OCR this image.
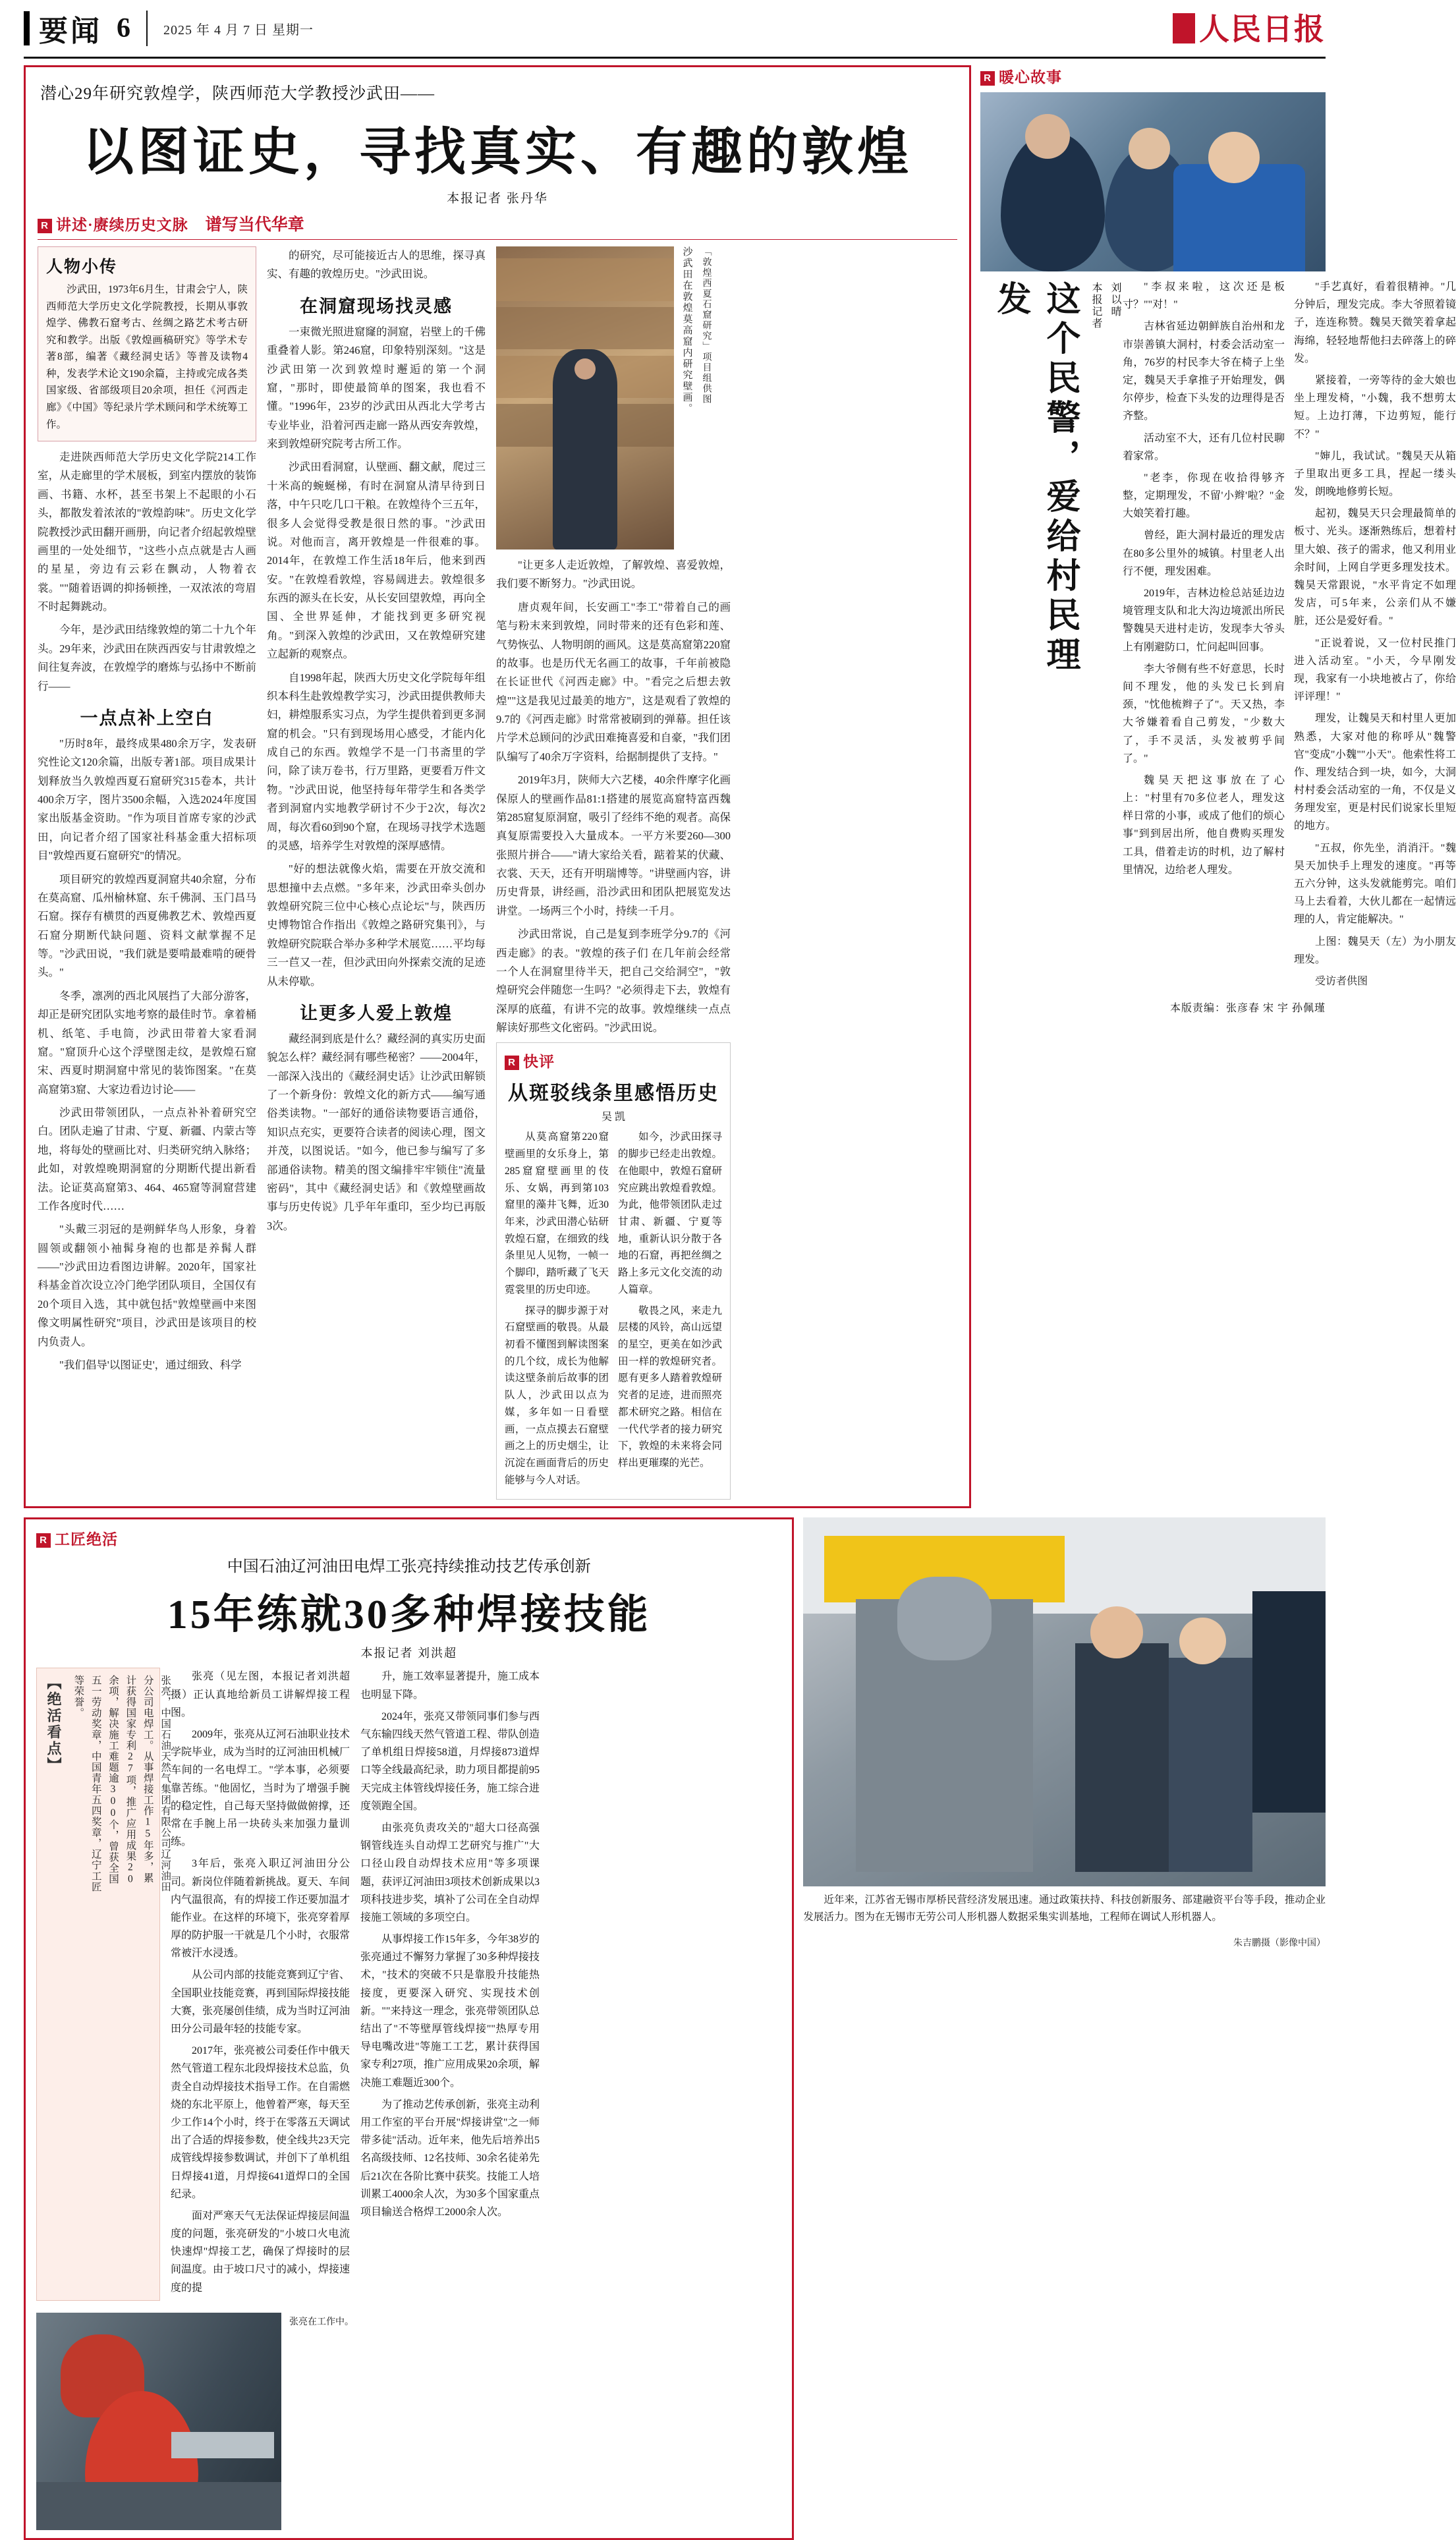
要闻 6	2025 年 4 月 7 日 星期一	人民日报
潜心29年研究敦煌学，陕西师范大学教授沙武田——
以图证史，寻找真实、有趣的敦煌
本报记者 张丹华
R 讲述·赓续历史文脉 谱写当代华章
人物小传

沙武田，1973年6月生，甘肃会宁人，陕西师范大学历史文化学院教授，长期从事敦煌学、佛教石窟考古、丝绸之路艺术考古研究和教学。出版《敦煌画稿研究》等学术专著8部，编著《藏经洞史话》等普及读物4种，发表学术论文190余篇，主持或完成各类国家级、省部级项目20余项，担任《河西走廊》《中国》等纪录片学术顾问和学术统筹工作。

走进陕西师范大学历史文化学院214工作室，从走廊里的学术展板，到室内摆放的装饰画、书籍、水杯，甚至书架上不起眼的小石头，都散发着浓浓的"敦煌韵味"。历史文化学院教授沙武田翻开画册，向记者介绍起敦煌壁画里的一处处细节，"这些小点点就是古人画的星星，旁边有云彩在飘动，人物着衣裳。""随着语调的抑扬顿挫，一双浓浓的弯眉不时起舞跳动。

今年，是沙武田结缘敦煌的第二十九个年头。29年来，沙武田在陕西西安与甘肃敦煌之间往复奔波，在敦煌学的磨炼与弘扬中不断前行——

一点点补上空白

"历时8年，最终成果480余万字，发表研究性论文120余篇，出版专著1部。项目成果计划释放当久敦煌西夏石窟研究315卷本，共计400余万字，图片3500余幅，入选2024年度国家出版基金资助。"作为项目首席专家的沙武田，向记者介绍了国家社科基金重大招标项目"敦煌西夏石窟研究"的情况。

项目研究的敦煌西夏洞窟共40余窟，分布在莫高窟、瓜州榆林窟、东千佛洞、玉门昌马石窟。探存有横贯的西夏佛教艺术、敦煌西夏石窟分期断代缺问题、资料文献掌握不足等。"沙武田说，"我们就是要啃最难啃的硬骨头。"

冬季，凛冽的西北风展挡了大部分游客，却正是研究团队实地考察的最佳时节。拿着桶机、纸笔、手电筒，沙武田带着大家看洞窟。"窟顶升心这个浮壁图走纹，是敦煌石窟宋、西夏时期洞窟中常见的装饰图案。"在莫高窟第3窟、大家边看边讨论——

沙武田带领团队，一点点补补着研究空白。团队走遍了甘肃、宁夏、新疆、内蒙古等地，将每处的壁画比对、归类研究纳入脉络；此如，对敦煌晚期洞窟的分期断代提出新看法。论证莫高窟第3、464、465窟等洞窟营建工作各度时代……

"头戴三羽冠的是朔鲜华鸟人形象，身着圆领或翻领小袖髯身袍的也都是养髯人群——"沙武田边看图边讲解。2020年，国家社科基金首次设立冷门绝学团队项目，全国仅有20个项目入选，其中就包括"敦煌壁画中来图像文明属性研究"项目，沙武田是该项目的校内负责人。

"我们倡导'以图证史'，通过细致、科学

的研究，尽可能接近古人的思维，探寻真实、有趣的敦煌历史。"沙武田说。

在洞窟现场找灵感

一束微光照进窟窿的洞窟，岩壁上的千佛重叠着人影。第246窟，印象特别深刻。"这是沙武田第一次到敦煌时邂逅的第一个洞窟，"那时，即使最简单的图案，我也看不懂。"1996年，23岁的沙武田从西北大学考古专业毕业，沿着河西走廊一路从西安奔敦煌，来到敦煌研究院考古所工作。

沙武田看洞窟，认壁画、翻文献，爬过三十米高的蜿蜒梯，有时在洞窟从清早待到日落，中午只吃几口干粮。在敦煌待个三五年，很多人会觉得受教是很日然的事。"沙武田说。对他而言，离开敦煌是一件很难的事。2014年，在敦煌工作生活18年后，他来到西安。"在敦煌看敦煌，容易阔进去。敦煌很多东西的源头在长安，从长安回望敦煌，再向全国、全世界延伸，才能找到更多研究视角。"到深入敦煌的沙武田，又在敦煌研究建立起新的观察点。

自1998年起，陕西大历史文化学院每年组织本科生赴敦煌教学实习，沙武田提供教师夫妇，耕煌服系实习点，为学生提供着到更多洞窟的机会。"只有到现场用心感受，才能内化成自己的东西。敦煌学不是一门书斋里的学问，除了读万卷书，行万里路，更要看万件文物。"沙武田说，他坚持每年带学生和各类学者到洞窟内实地教学研讨不少于2次，每次2周，每次看60到90个窟，在现场寻找学术选题的灵感，培养学生对敦煌的深厚感情。

"好的想法就像火焰，需要在开放交流和思想撞中去点燃。"多年来，沙武田牵头创办敦煌研究院三位中心核心点论坛"与，陕西历史博物馆合作指出《敦煌之路研究集刊》，与敦煌研究院联合举办多种学术展览……平均每三一苣又一茬，但沙武田向外探索交流的足迹从未停歇。

让更多人爱上敦煌

藏经洞到底是什么？藏经洞的真实历史面貌怎么样？藏经洞有哪些秘密？——2004年，一部深入浅出的《藏经洞史话》让沙武田解锁了一个新身份：敦煌文化的新方式——编写通俗类读物。"一部好的通俗读物要语言通俗，知识点充实，更要符合读者的阅读心理，图文并茂，以图说话。"如今，他已参与编写了多部通俗读物。精美的图文编排牢牢锁住"流量密码"，其中《藏经洞史话》和《敦煌壁画故事与历史传说》几乎年年重印，至少均已再版3次。

沙武田在敦煌莫高窟内研究壁画。 「敦煌西夏石窟研究」项目组供图

"让更多人走近敦煌，了解敦煌、喜爱敦煌，我们要不断努力。"沙武田说。

唐贞观年间，长安画工"李工"带着自己的画笔与粉末来到敦煌，同时带来的还有色彩和莲、气势恢弘、人物明朗的画风。这是莫高窟第220窟的故事。也是历代无名画工的故事，千年前被隐在长证世代《河西走廊》中。"看完之后想去敦煌""这是我见过最美的地方"，这是观看了敦煌的9.7的《河西走廊》时常常被刷到的弹幕。担任该片学术总顾问的沙武田难掩喜爱和自豪，"我们团队编写了40余万字资料，给据制提供了支持。"

2019年3月，陕师大六艺楼，40余件摩字化画保原人的壁画作品81:1搭建的展览高窟特富西魏第285窟复原洞窟，吸引了经纬不绝的观者。高保真复原需要投入大量成本。一平方米要260—300张照片拼合——"请大家给关看，踮着某的伏藏、衣裳、天天，还有开明瑞博等。"讲壁画内容，讲历史背景，讲经画，沿沙武田和团队把展览发达讲堂。一场两三个小时，持续一千月。

沙武田常说，自己是复到李班学分9.7的《河西走廊》的表。"敦煌的孩子们 在几年前会经常一个人在洞窟里待半天，把自己交给洞空"，"敦煌研究会伴随您一生吗？"必须得走下去，敦煌有深厚的底蕴，有讲不完的故事。敦煌继续一点点解读好那些文化密码。"沙武田说。

R 快评
从斑驳线条里感悟历史
吴 凯

从莫高窟第220窟壁画里的女乐身上，第285窟窟壁画里的伎乐、女娲，再到第103窟里的藻井飞舞，近30年来，沙武田潜心钻研敦煌石窟，在细致的线条里见人见物，一帧一个脚印，踏听藏了飞天霓裳里的历史印迹。

探寻的脚步源于对石窟壁画的敬畏。从最初看不懂图到解读图案的几个纹，成长为他解读这壁条前后故事的团队人，沙武田以点为媒，多年如一日看壁画，一点点摸去石窟壁画之上的历史烟尘，让沉淀在画面背后的历史能够与今人对话。

如今，沙武田探寻的脚步已经走出敦煌。在他眼中，敦煌石窟研究应跳出敦煌看敦煌。为此，他带领团队走过甘肃、新疆、宁夏等地，重新认识分散于各地的石窟，再把丝绸之路上多元文化交流的动人篇章。

敬畏之风，来走九层楼的风铃，高山远望的星空，更美在如沙武田一样的敦煌研究者。愿有更多人踏着敦煌研究者的足迹，进而照亮都术研究之路。相信在一代代学者的接力研究下，敦煌的未来将会同样出更璀璨的光芒。

R 暖心故事
这个民警，爱给村民理发	本报记者 刘以晴	"李叔来啦，这次还是板寸？""对！"

吉林省延边朝鲜族自治州和龙市崇善镇大洞村，村委会活动室一角，76岁的村民李大爷在椅子上坐定，魏昊天手拿推子开始理发，偶尔停步，检查下头发的边理得是否齐整。

活动室不大，还有几位村民聊着家常。

"老李，你现在收拾得够齐整，定期理发，不留'小辫'啦？"金大娘笑着打趣。

曾经，距大洞村最近的理发店在80多公里外的城镇。村里老人出行不便，理发困难。

2019年，吉林边检总站延边边境管理支队和北大沟边境派出所民警魏昊天进村走访，发现李大爷头上有刚避防口，忙问起叫回事。

李大爷侧有些不好意思，长时间不理发，他的头发已长到肩颈，"忱他梳辫子了"。天又热，李大爷嫌着看自己剪发，"少数大了，手不灵活，头发被剪乎间了。"

魏昊天把这事放在了心上："村里有70多位老人，理发这样日常的小事，或成了他们的烦心事"到到居出所，他自费购买理发工具，借着走访的时机，边了解村里情况，边给老人理发。

"手艺真好，看着很精神。"几分钟后，理发完成。李大爷照着镜子，连连称赞。魏昊天微笑着拿起海绵，轻轻地帮他扫去碎落上的碎发。

紧接着，一旁等待的金大娘也坐上理发椅，"小魏，我不想剪太短。上边打薄，下边剪短，能行不？"

"婶儿，我试试。"魏昊天从箱子里取出更多工具，捏起一缕头发，朗晚地修剪长短。

起初，魏昊天只会理最简单的板寸、光头。逐渐熟练后，想着村里大娘、孩子的需求，他又利用业余时间，上网自学更多理发技术。魏昊天常跟说，"水平肯定不如理发店，可5年来，公亲们从不嫌脏，还公是爱好看。"

"正说着说，又一位村民推门进入活动室。"小天，今早刚发现，我家有一小块地被占了，你给评评理！"

理发，让魏昊天和村里人更加熟悉，大家对他的称呼从"魏警官"变成"小魏""小天"。他索性将工作、理发结合到一块，如今，大洞村村委会活动室的一角，不仅是义务理发室，更是村民们说家长里短的地方。

"五叔，你先坐，消消汗。"魏昊天加快手上理发的速度。"再等五六分钟，这头发就能剪完。咱们马上去看着，大伙儿都在一起情远理的人，肯定能解决。"

上图：魏昊天（左）为小朋友理发。

受访者供图

本版责编：张彦春 宋 宇 孙佩瑾
R 工匠绝活
中国石油辽河油田电焊工张亮持续推动技艺传承创新
15年练就30多种焊接技能
本报记者 刘洪超
【绝活看点】	张亮，中国石油天然气集团有限公司辽河油田分公司电焊工。从事焊接工作15年多，累计获得国家专利27项，推广应用成果20余项，解决施工难题逾300个，曾获全国五一劳动奖章，中国青年五四奖章，辽宁工匠等荣誉。	张亮（见左图，本报记者刘洪超摄）正认真地给新员工讲解焊接工程图。

2009年，张亮从辽河石油职业技术学院毕业，成为当时的辽河油田机械厂车间的一名电焊工。"学本事，必须要靠苦练。"他固忆，当时为了增强手腕的稳定性，自己每天坚持做做俯撑，还常在手腕上吊一块砖头来加强力量训练。

3年后，张亮入职辽河油田分公司。新岗位伴随着新挑战。夏天、车间内气温很高，有的焊接工作还要加温才能作业。在这样的环境下，张亮穿着厚厚的防护服一干就是几个小时，衣服常常被汗水浸透。

从公司内部的技能竞赛到辽宁省、全国职业技能竞赛，再到国际焊接技能大赛，张亮屡创佳绩，成为当时辽河油田分公司最年轻的技能专家。

2017年，张亮被公司委任作中俄天然气管道工程东北段焊接技术总监，负责全自动焊接技术指导工作。在自需燃烧的东北平原上，他曾着严寒，每天至少工作14个小时，终于在零落五天调试出了合适的焊接参数，使全线共23天完成管线焊接参数调试，并创下了单机组日焊接41道，月焊接641道焊口的全国纪录。

面对严寒天气无法保证焊接层间温度的问题，张亮研发的"小坡口火电流快速焊"焊接工艺，确保了焊接时的层间温度。由于坡口尺寸的减小，焊接速度的提

升，施工效率显著提升，施工成本也明显下降。

2024年，张亮又带领同事们参与西气东输四线天然气管道工程、带队创造了单机组日焊接58道，月焊接873道焊口等全线最高纪录，助力项目都提前95天完成主体管线焊接任务，施工综合进度领跑全国。

由张亮负责攻关的"超大口径高强钢管线连头自动焊工艺研究与推广"大口径山段自动焊技术应用"等多项课题，获评辽河油田3项技术创新成果以3项科技进步奖，填补了公司在全自动焊接施工领域的多项空白。

从事焊接工作15年多，今年38岁的张亮通过不懈努力掌握了30多种焊接技术，"技术的突破不只是靠股升技能热接度，更要深入研究、实现技术创新。""来持这一理念，张亮带领团队总结出了"不等壁厚管线焊接""热厚专用导电嘴改进"等施工工艺，累计获得国家专利27项，推广应用成果20余项，解决施工难题近300个。

为了推动艺传承创新，张亮主动利用工作室的平台开展"焊接讲堂"之一师带多徒"活动。近年来，他先后培养出5名高级技师、12名技师、30余名徒弟先后21次在各阶比赛中获奖。技能工人培训累工4000余人次，为30多个国家重点项目输送合格焊工2000余人次。

张亮在工作中。

近年来，江苏省无锡市厚桥民营经济发展迅速。通过政策扶持、科技创新服务、部建融资平台等手段，推动企业发展活力。图为在无锡市无劳公司人形机器人数据采集实训基地，工程师在调试人形机器人。

朱吉鹏摄（影像中国）
